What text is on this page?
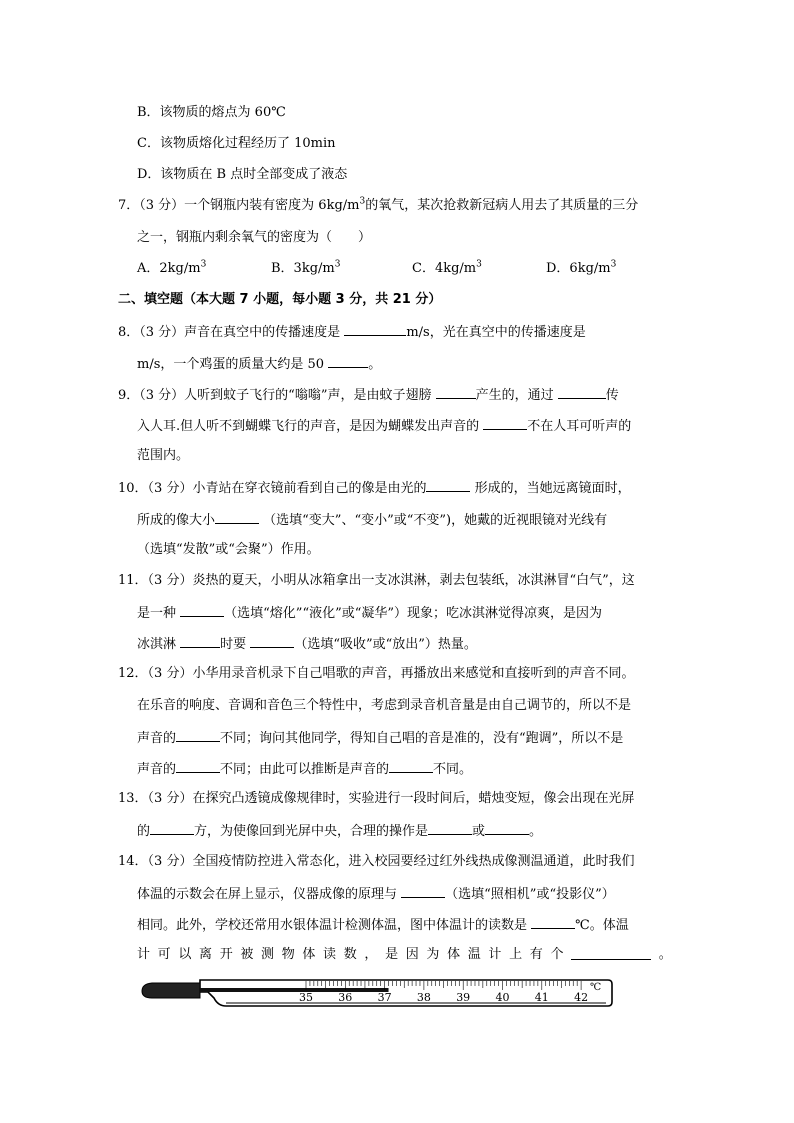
B．该物质的熔点为 60℃
C．该物质熔化过程经历了 10min
D．该物质在 B 点时全部变成了液态
7．（3 分）一个钢瓶内装有密度为 $6kg/m^3$的氧气，某次抢救新冠病人用去了其质量的三分
之一，钢瓶内剩余氧气的密度为（　　）
A．$2kg/m^3$	B．$3kg/m^3$	C．$4kg/m^3$	D．$6kg/m^3$
二、填空题（本大题 7 小题，每小题 3 分，共 21 分）
8．（3 分）声音在真空中的传播速度是	m/s，光在真空中的传播速度是
m/s，一个鸡蛋的质量大约是 50	。
9．（3 分）人听到蚊子飞行的“嗡嗡”声，是由蚊子翅膀	产生的，通过	传
入人耳.但人听不到蝴蝶飞行的声音，是因为蝴蝶发出声音的	不在人耳可听声的
范围内。
10．（3 分）小青站在穿衣镜前看到自己的像是由光的	形成的，当她远离镜面时，
所成的像大小	（选填“变大”、“变小”或“不变”)，她戴的近视眼镜对光线有
（选填“发散”或“会聚”）作用。
11．（3 分）炎热的夏天，小明从冰箱拿出一支冰淇淋，剥去包装纸，冰淇淋冒“白气”，这
是一种	（选填“熔化”“液化”或“凝华”）现象；吃冰淇淋觉得凉爽，是因为
冰淇淋	时要	（选填“吸收”或“放出”）热量。
12．（3 分）小华用录音机录下自己唱歌的声音，再播放出来感觉和直接听到的声音不同。
在乐音的响度、音调和音色三个特性中，考虑到录音机音量是由自己调节的，所以不是
声音的	不同；询问其他同学，得知自己唱的音是准的，没有“跑调”，所以不是
声音的	不同；由此可以推断是声音的	不同。
13．（3 分）在探究凸透镜成像规律时，实验进行一段时间后，蜡烛变短，像会出现在光屏
的	方，为使像回到光屏中央，合理的操作是	或	。
14．（3 分）全国疫情防控进入常态化，进入校园要经过红外线热成像测温通道，此时我们
体温的示数会在屏上显示，仪器成像的原理与	（选填“照相机”或“投影仪”）
相同。此外，学校还常用水银体温计检测体温，图中体温计的读数是	℃。体温
计 可 以 离 开 被 测 物 体 读 数 ， 是 因 为 体 温 计 上 有 个	。
35 36 37 38 39 40 41 42
℃
